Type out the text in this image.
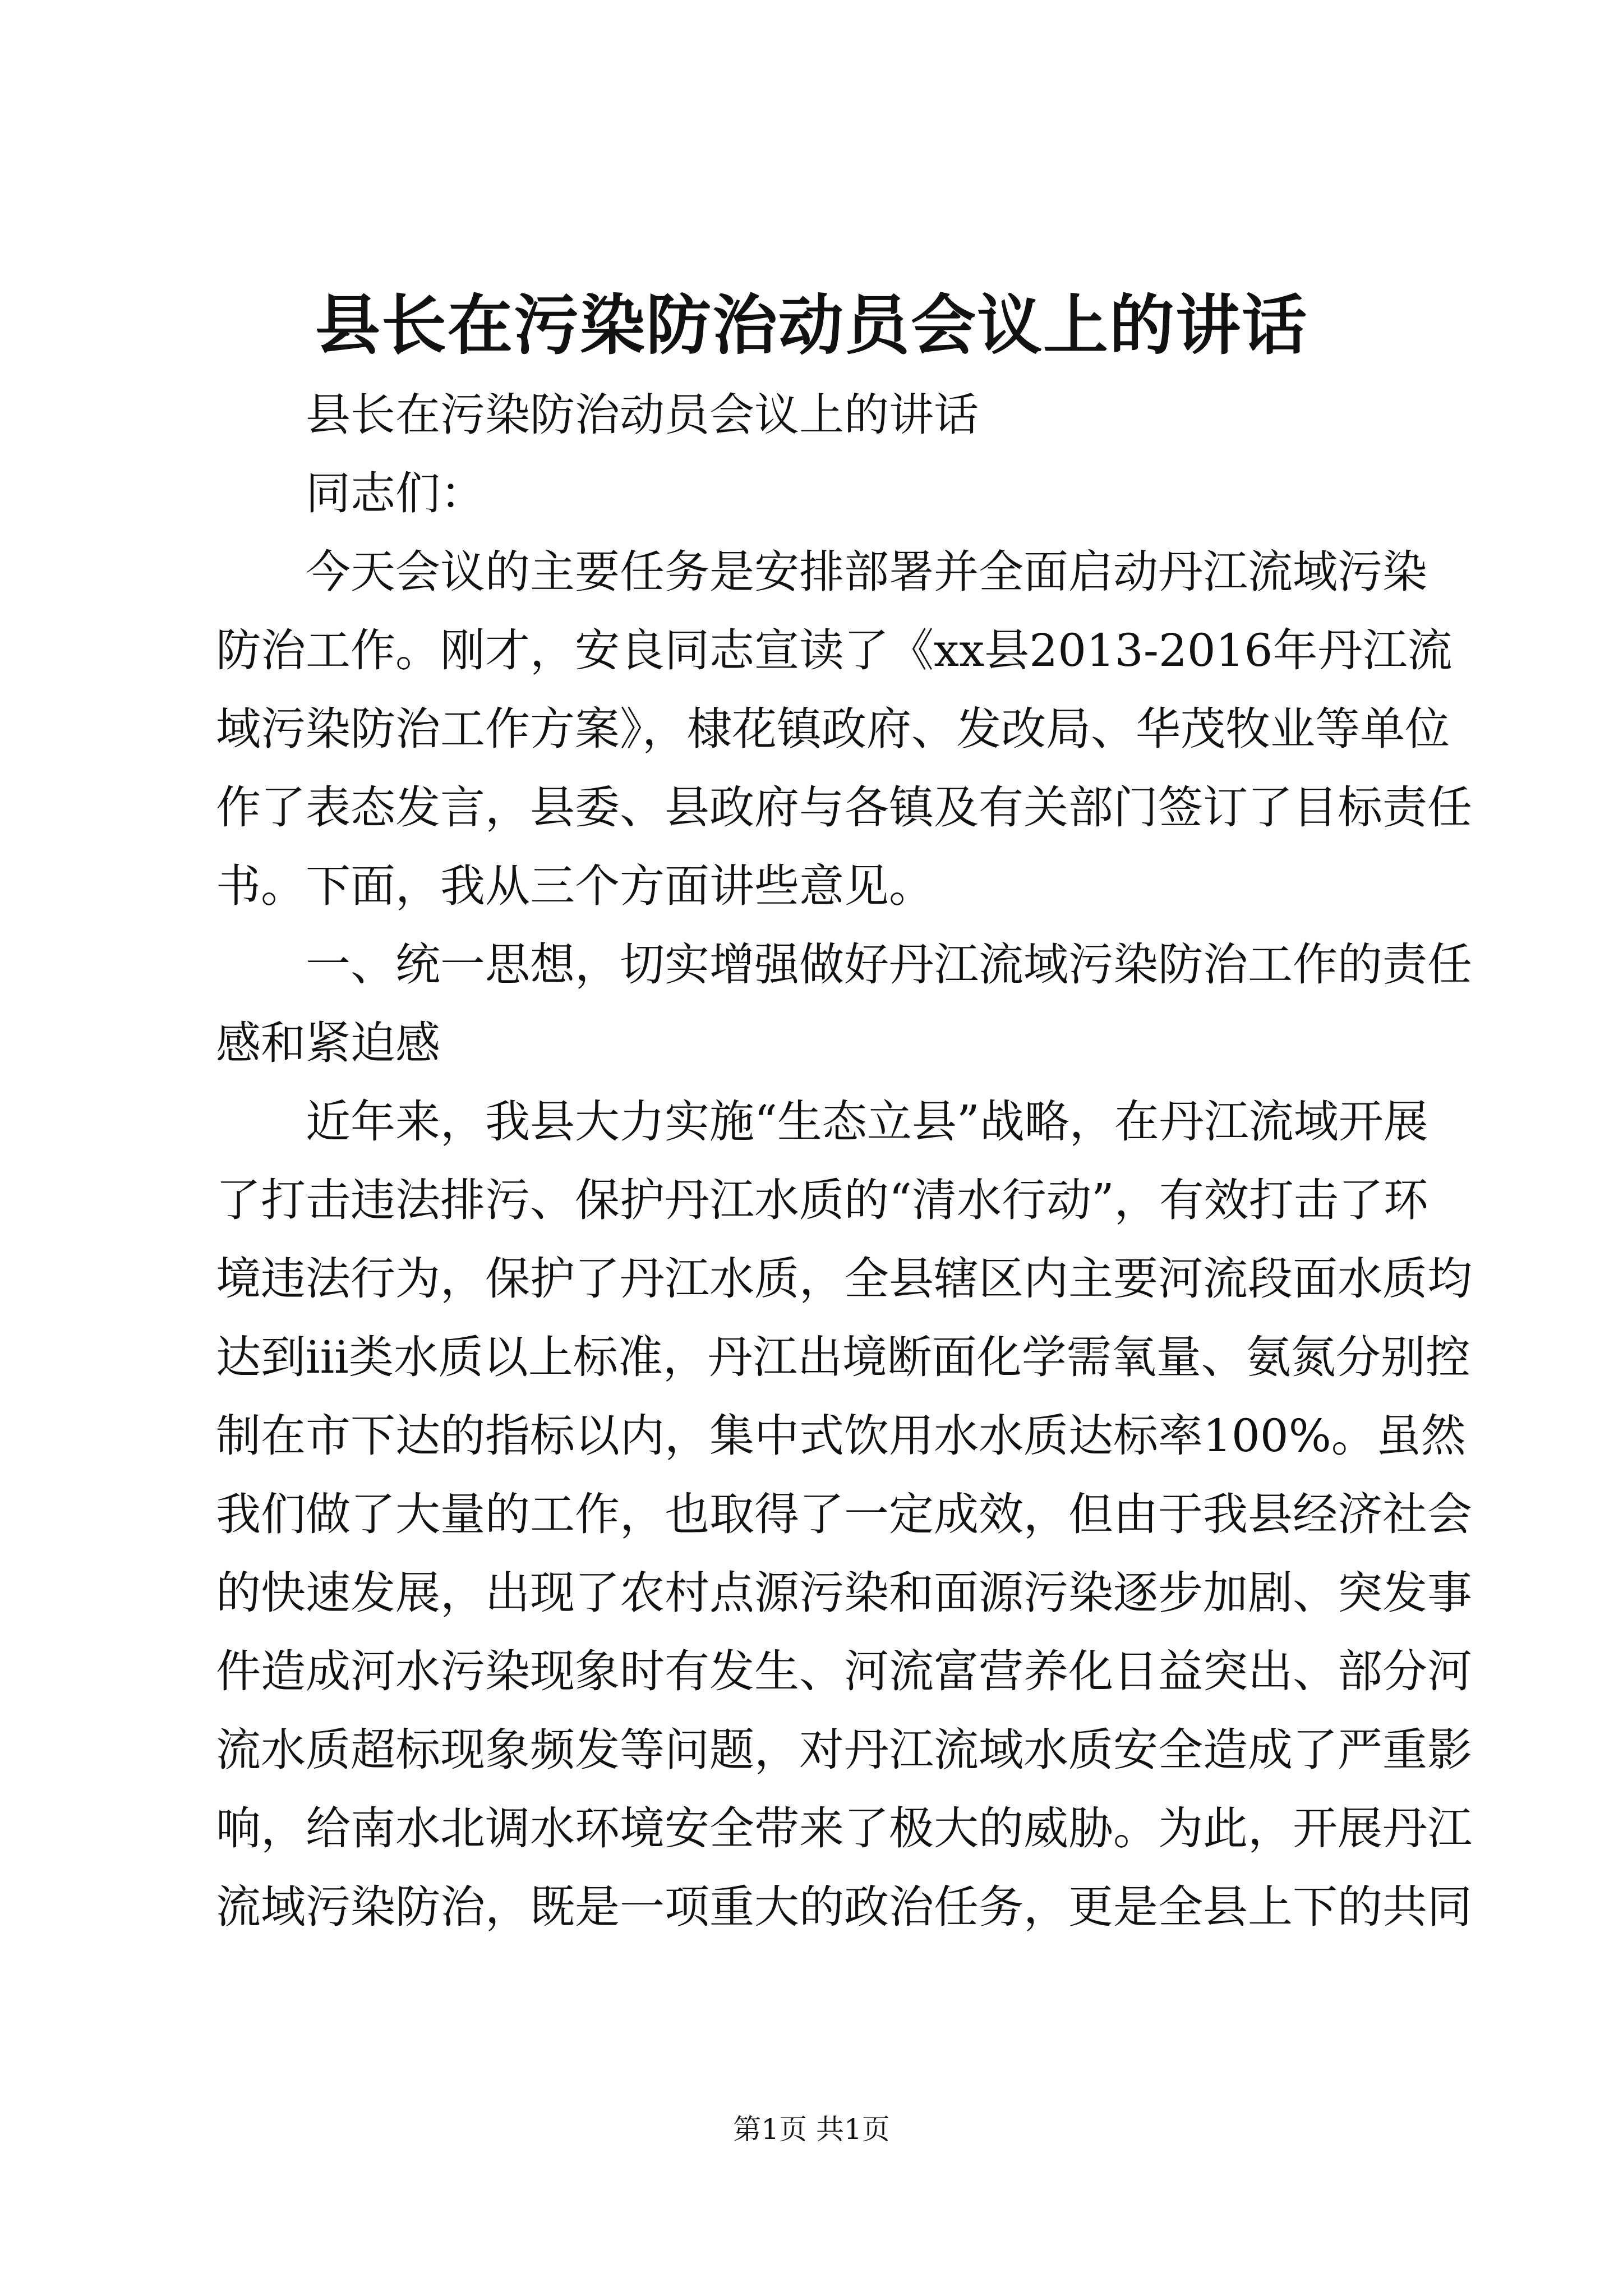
县长在污染防治动员会议上的讲话
县长在污染防治动员会议上的讲话
同志们：
今天会议的主要任务是安排部署并全面启动丹江流域污染
防治工作。刚才，安良同志宣读了《xx县2013-2016年丹江流
域污染防治工作方案》，棣花镇政府、发改局、华茂牧业等单位
作了表态发言，县委、县政府与各镇及有关部门签订了目标责任
书。下面，我从三个方面讲些意见。
一、统一思想，切实增强做好丹江流域污染防治工作的责任
感和紧迫感
近年来，我县大力实施“生态立县”战略，在丹江流域开展
了打击违法排污、保护丹江水质的“清水行动”，有效打击了环
境违法行为，保护了丹江水质，全县辖区内主要河流段面水质均
达到iii类水质以上标准，丹江出境断面化学需氧量、氨氮分别控
制在市下达的指标以内，集中式饮用水水质达标率100%。虽然
我们做了大量的工作，也取得了一定成效，但由于我县经济社会
的快速发展，出现了农村点源污染和面源污染逐步加剧、突发事
件造成河水污染现象时有发生、河流富营养化日益突出、部分河
流水质超标现象频发等问题，对丹江流域水质安全造成了严重影
响，给南水北调水环境安全带来了极大的威胁。为此，开展丹江
流域污染防治，既是一项重大的政治任务，更是全县上下的共同
第1页 共1页
